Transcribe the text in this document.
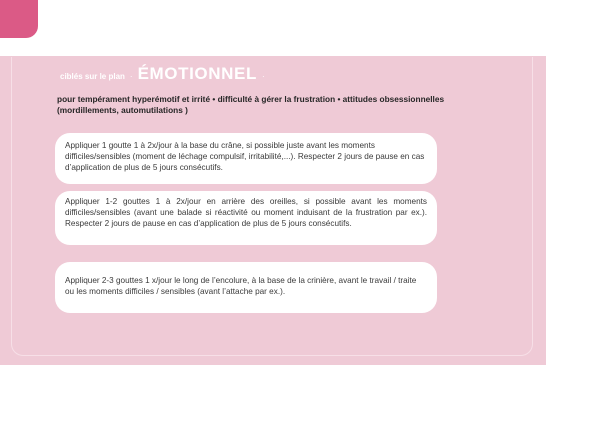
ciblés sur le plan · ÉMOTIONNEL ·
pour tempérament hyperémotif et irrité • difficulté à gérer la frustration • attitudes obsessionnelles (mordillements, automutilations )
Appliquer 1 goutte 1 à 2x/jour à la base du crâne, si possible juste avant les moments difficiles/sensibles (moment de léchage compulsif, irritabilité,...). Respecter 2 jours de pause en cas d’application de plus de 5 jours consécutifs.
Appliquer 1-2 gouttes 1 à 2x/jour en arrière des oreilles, si possible avant les moments difficiles/sensibles (avant une balade si réactivité ou moment induisant de la frustration par ex.). Respecter 2 jours de pause en cas d’application de plus de 5 jours consécutifs.
Appliquer 2-3 gouttes 1 x/jour le long de l’encolure, à la base de la crinière, avant le travail / traite ou les moments difficiles / sensibles (avant l’attache par ex.).
